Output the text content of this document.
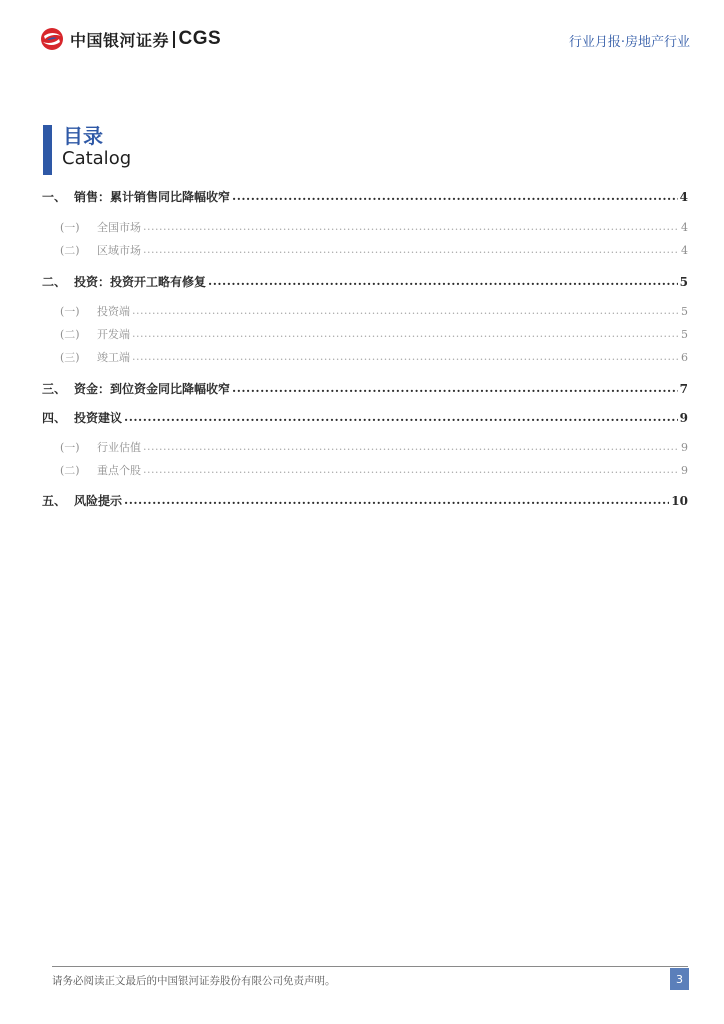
中国银河证券 CGS	行业月报·房地产行业
目录
Catalog
一、 销售：累计销售同比降幅收窄 .....	4
(一)	全国市场 .....	4
(二)	区域市场 .....	4
二、 投资：投资开工略有修复 .....	5
(一)	投资端 .....	5
(二)	开发端 .....	5
(三)	竣工端 .....	6
三、 资金：到位资金同比降幅收窄 .....	7
四、 投资建议 .....	9
(一)	行业估值 .....	9
(二)	重点个股 .....	9
五、 风险提示 .....	10
请务必阅读正文最后的中国银河证券股份有限公司免责声明。	3
